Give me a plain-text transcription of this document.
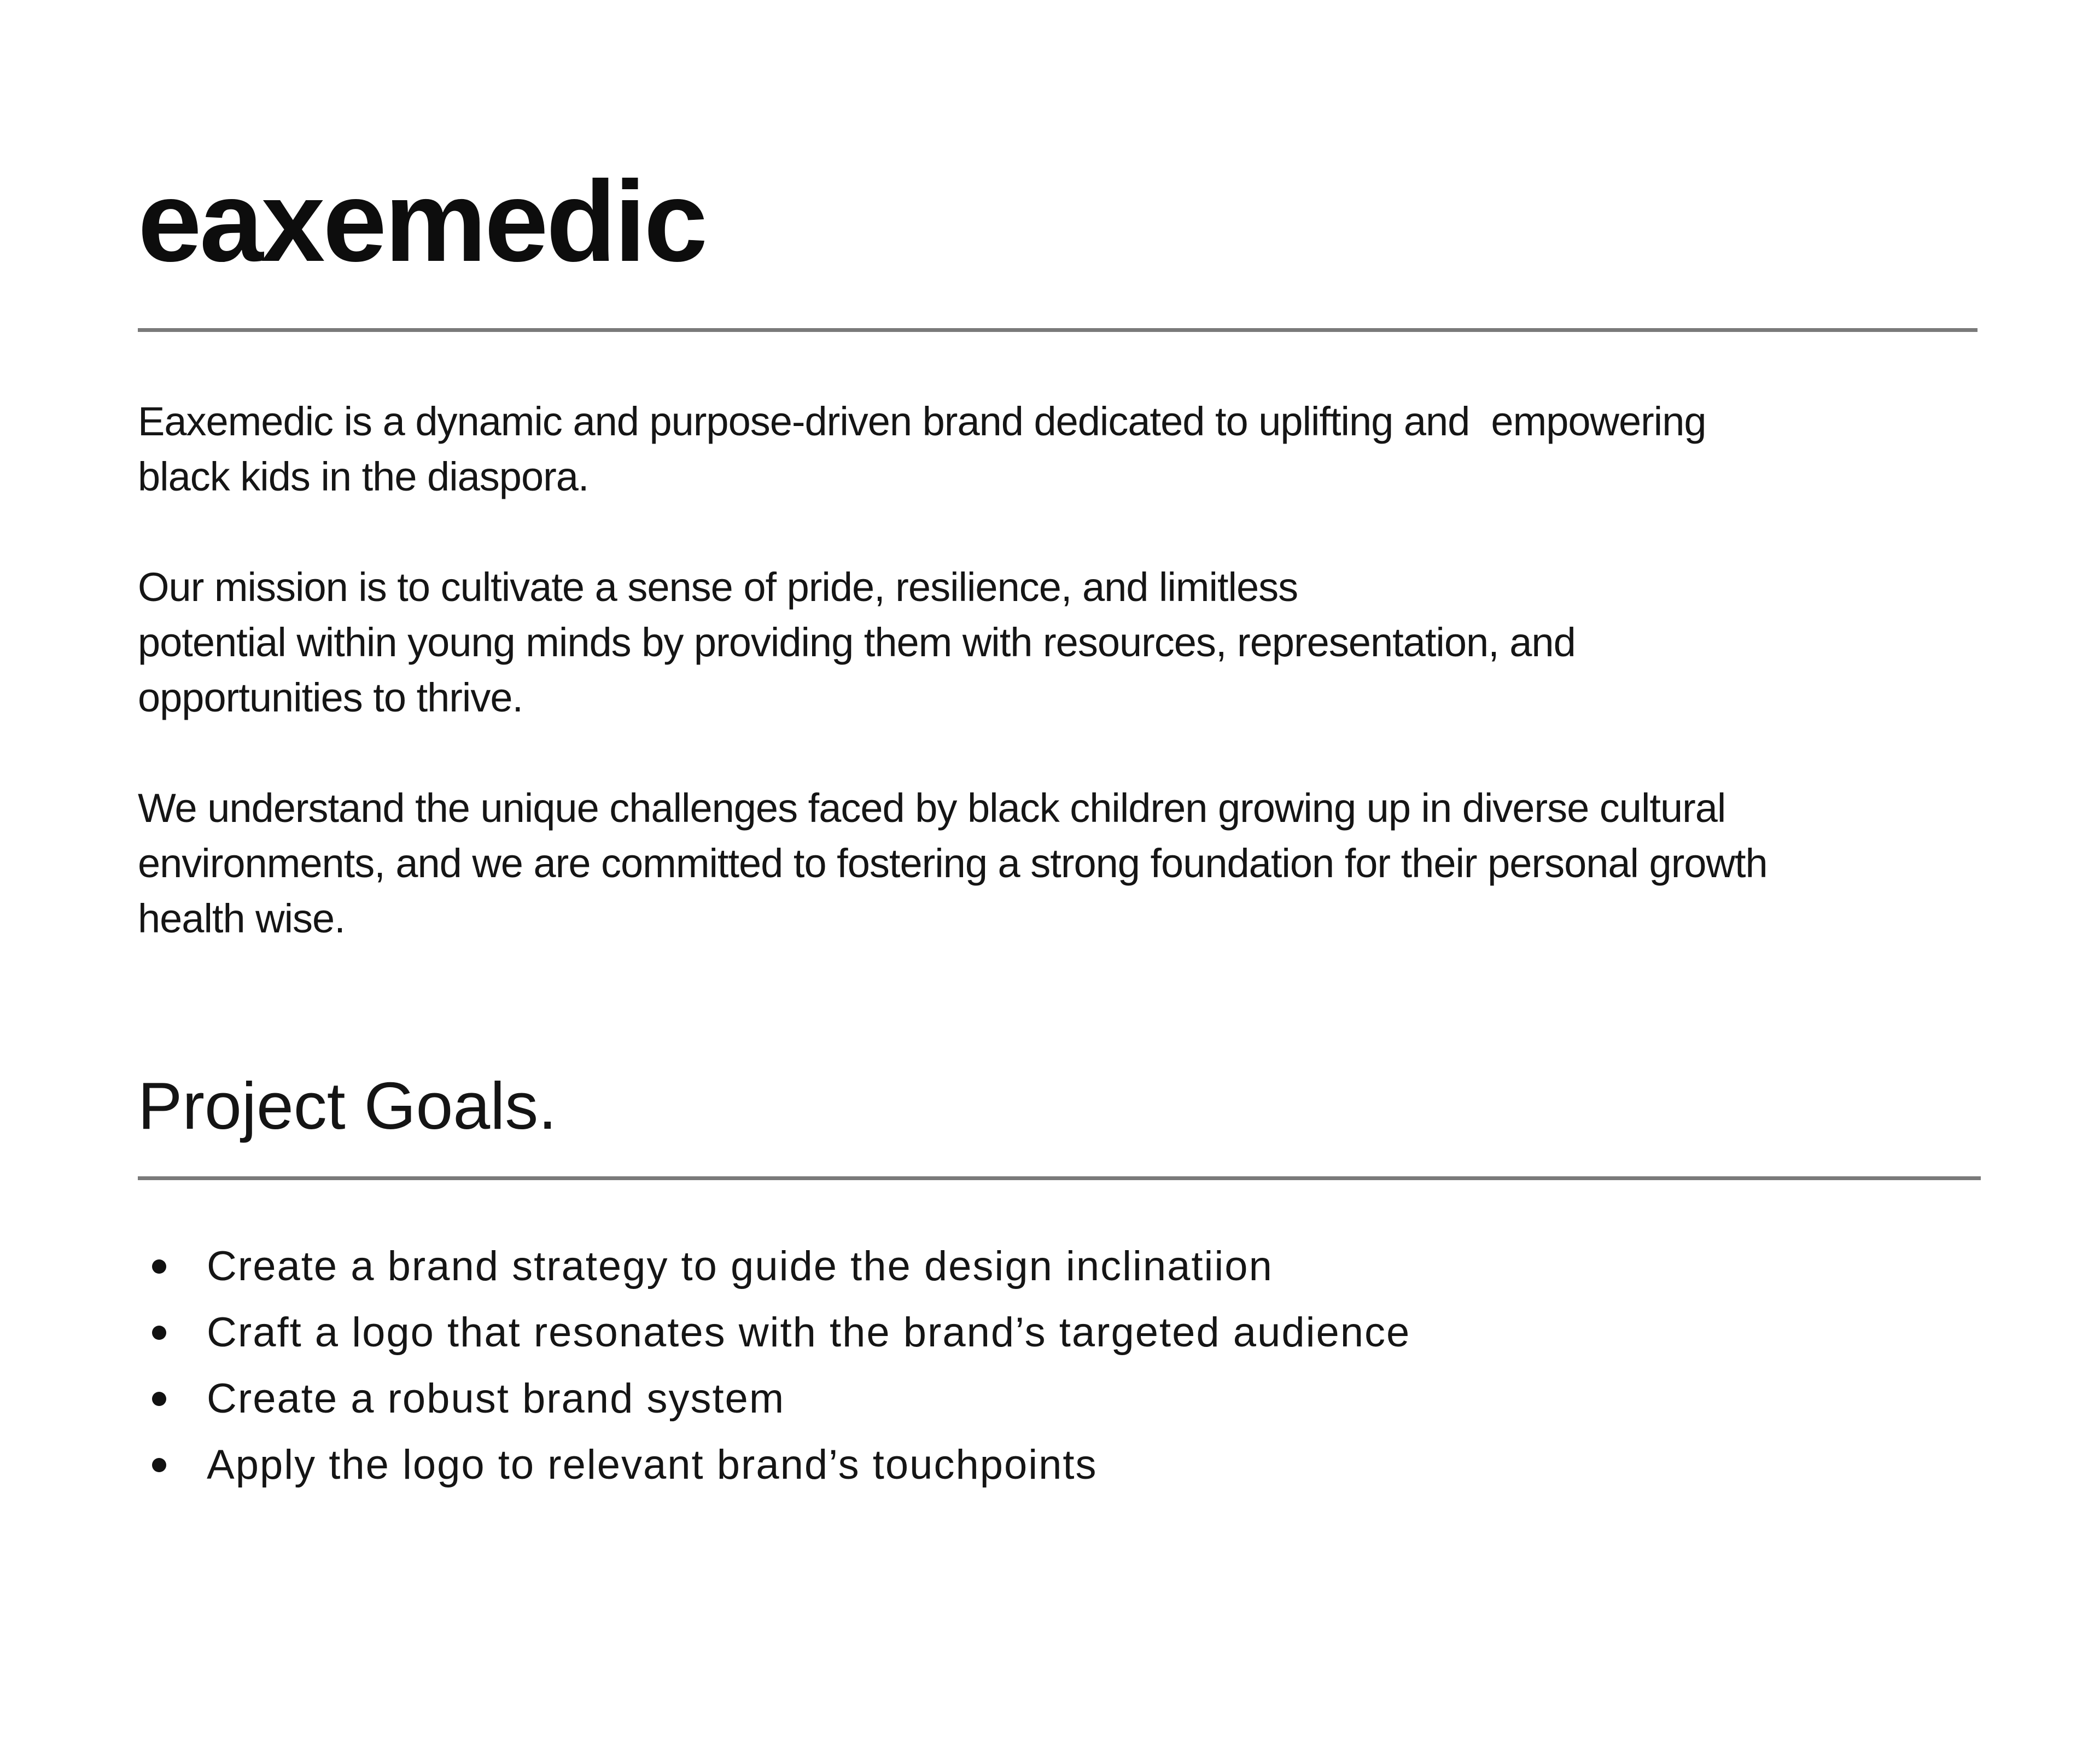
eaxemedic

Eaxemedic is a dynamic and purpose-driven brand dedicated to uplifting and  empowering
black kids in the diaspora.

Our mission is to cultivate a sense of pride, resilience, and limitless
potential within young minds by providing them with resources, representation, and
opportunities to thrive.

We understand the unique challenges faced by black children growing up in diverse cultural
environments, and we are committed to fostering a strong foundation for their personal growth
health wise.

Project Goals.
Create a brand strategy to guide the design inclinatiion
Craft a logo that resonates with the brand’s targeted audience
Create a robust brand system
Apply the logo to relevant brand’s touchpoints
